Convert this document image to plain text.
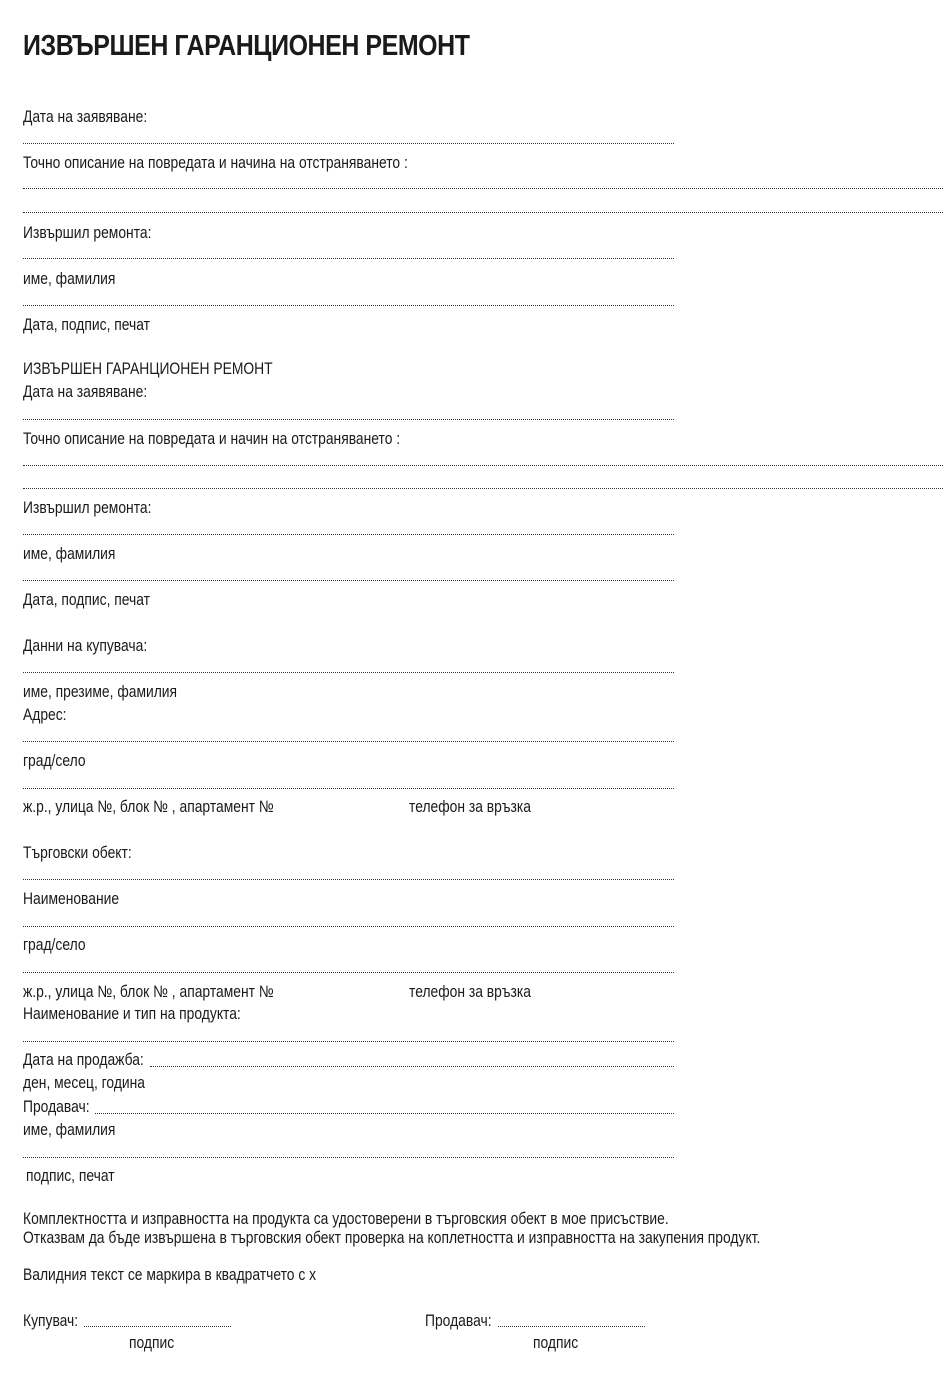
ИЗВЪРШЕН ГАРАНЦИОНЕН РЕМОНТ
Дата на заявяване:
Точно описание на повредата и начина на отстраняването :
Извършил ремонта:
име, фамилия
Дата, подпис, печат
ИЗВЪРШЕН ГАРАНЦИОНЕН РЕМОНТ
Дата на заявяване:
Точно описание на повредата и начин на отстраняването :
Извършил ремонта:
име, фамилия
Дата, подпис, печат
Данни на купувача:
име, презиме, фамилия
Адрес:
град/село
ж.р., улица №, блок № , апартамент №	телефон за връзка
Търговски обект:
Наименование
град/село
ж.р., улица №, блок № , апартамент №	телефон за връзка
Наименование и тип на продукта:
Дата на продажба:
ден, месец, година
Продавач:
име, фамилия
подпис, печат
Комплектността и изправността на продукта са удостоверени в търговския обект в мое присъствие.
Отказвам да бъде извършена в търговския обект проверка на коплетността и изправността на закупения продукт.
Валидния текст се маркира в квадратчето с х
Купувач:
подпис
Продавач:
подпис
